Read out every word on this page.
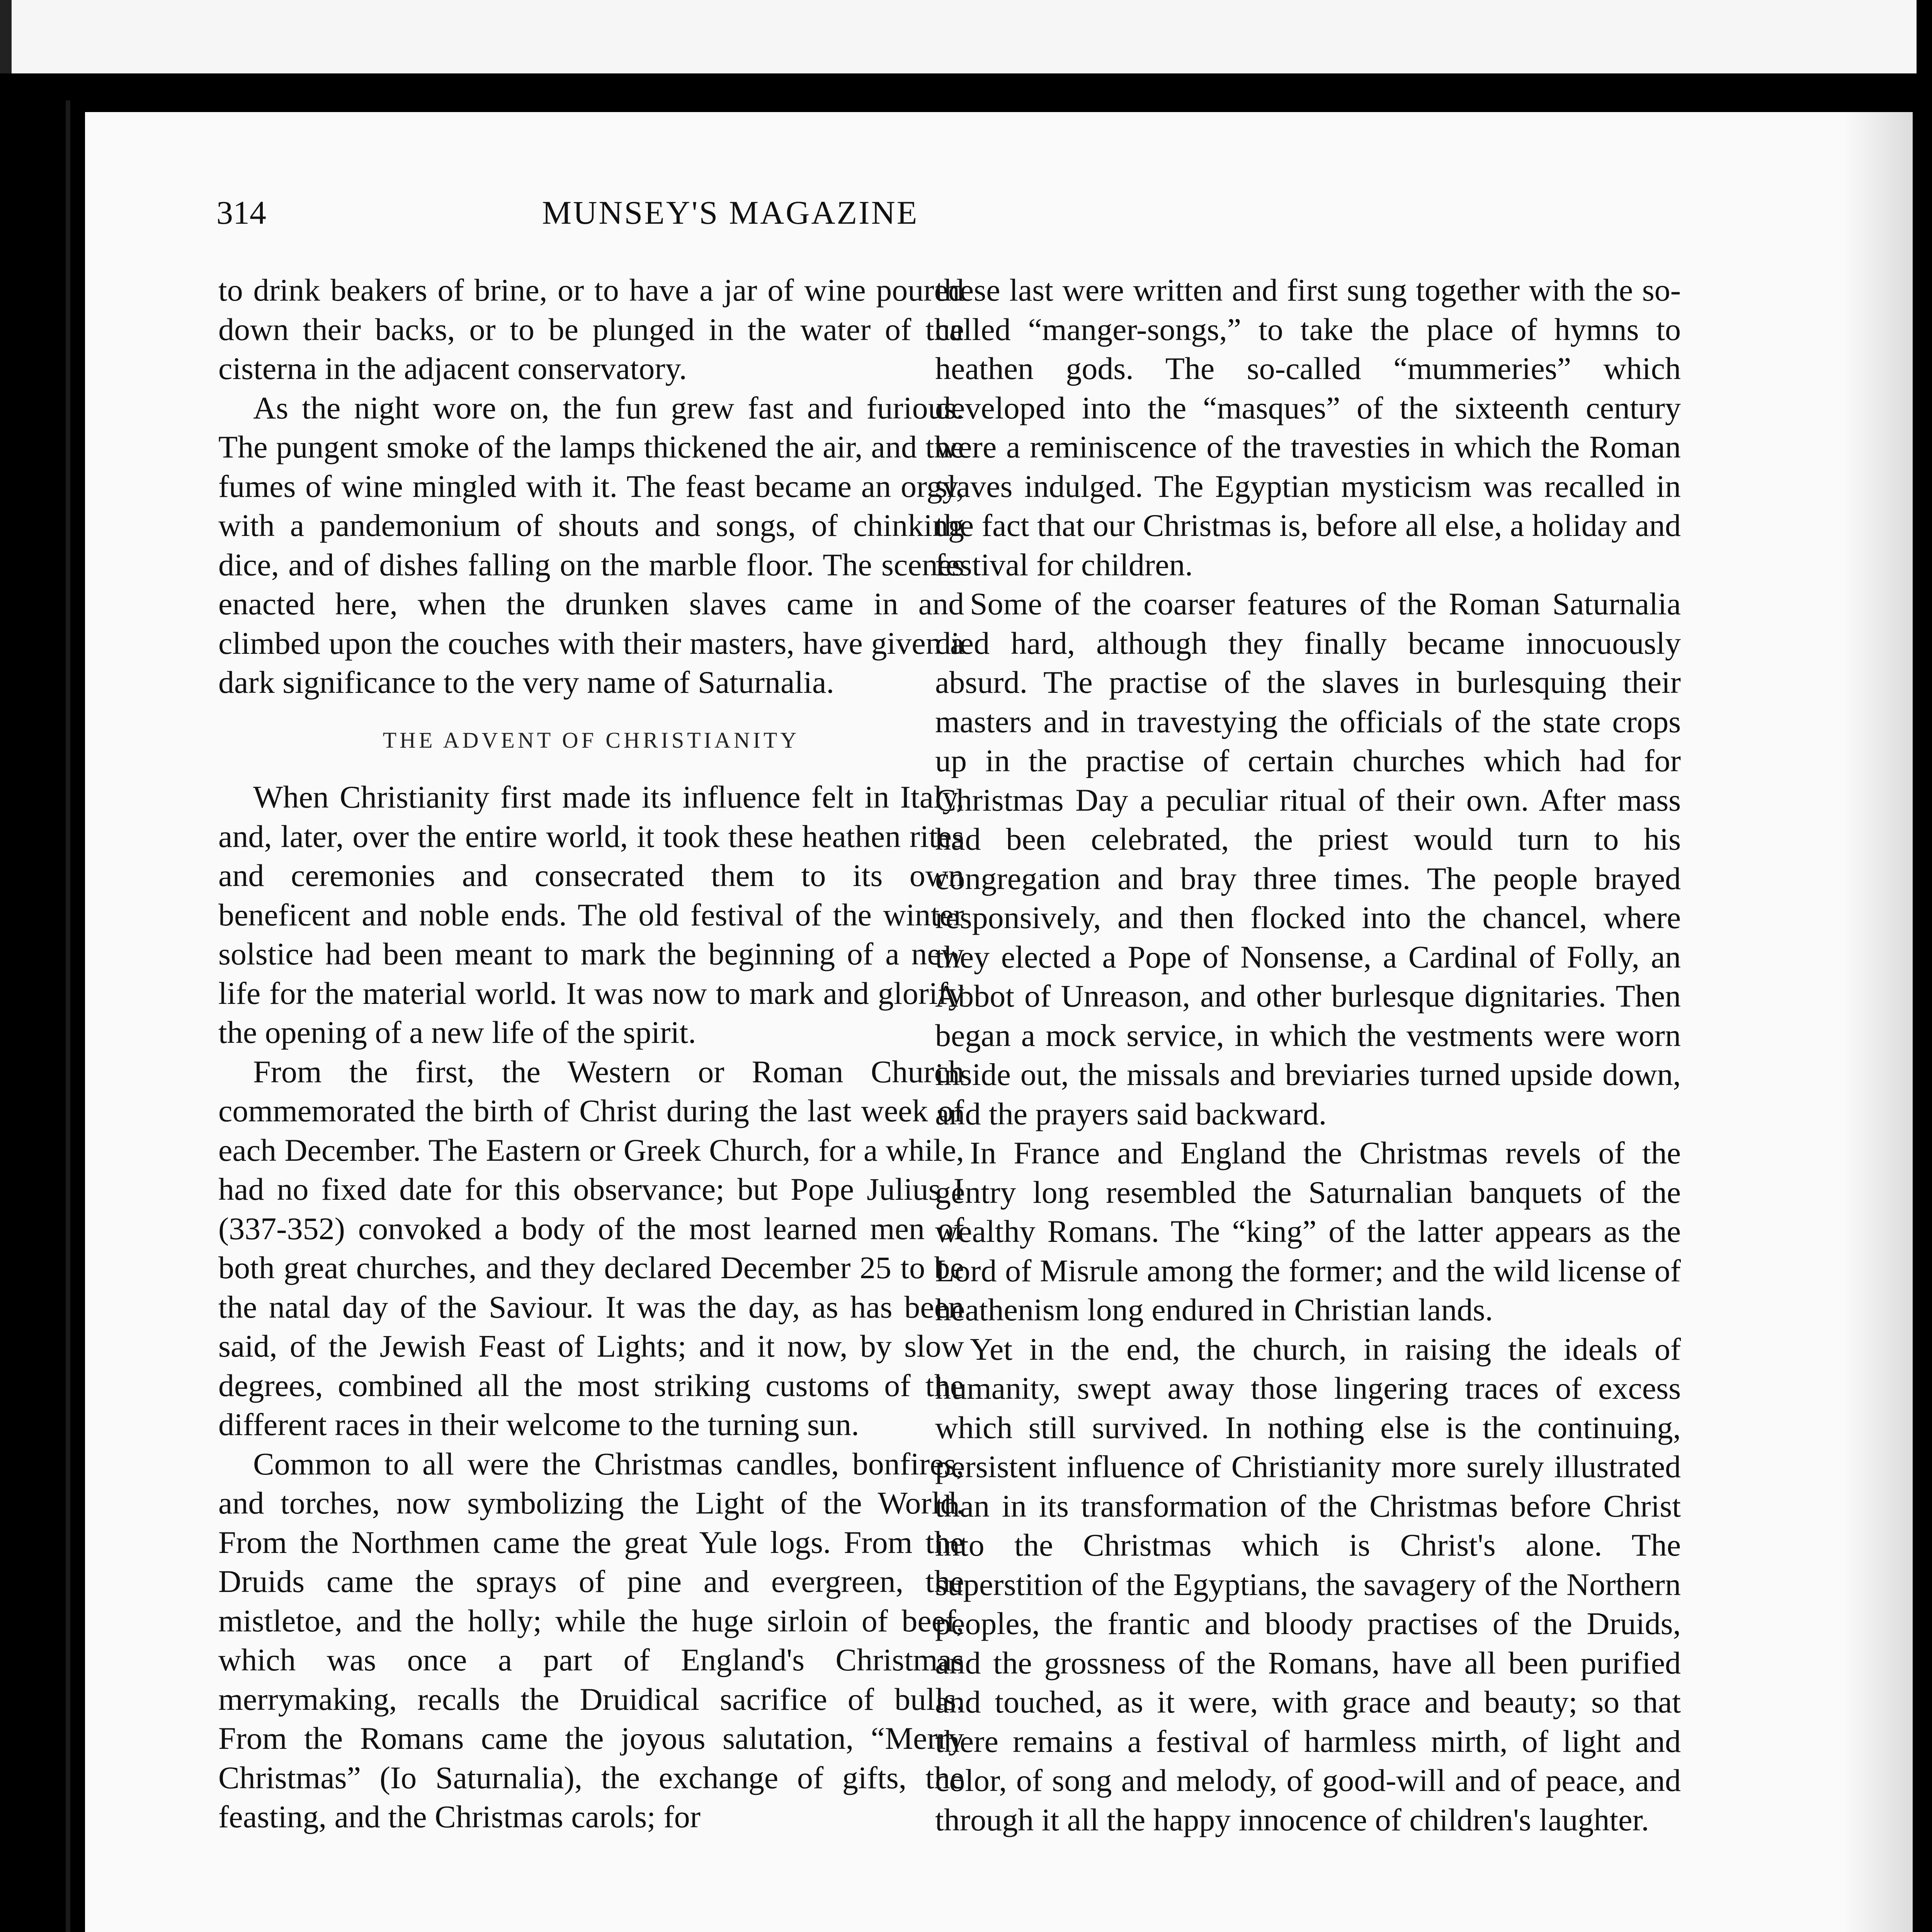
314	MUNSEY'S MAGAZINE

to drink beakers of brine, or to have a jar of wine poured down their backs, or to be plunged in the water of the cisterna in the adjacent conservatory.

As the night wore on, the fun grew fast and furious. The pungent smoke of the lamps thickened the air, and the fumes of wine mingled with it. The feast became an orgy, with a pandemonium of shouts and songs, of chinking dice, and of dishes falling on the marble floor. The scenes enacted here, when the drunken slaves came in and climbed upon the couches with their masters, have given a dark significance to the very name of Saturnalia.

THE ADVENT OF CHRISTIANITY

When Christianity first made its influence felt in Italy, and, later, over the entire world, it took these heathen rites and ceremonies and consecrated them to its own beneficent and noble ends. The old festival of the winter solstice had been meant to mark the beginning of a new life for the material world. It was now to mark and glorify the opening of a new life of the spirit.

From the first, the Western or Roman Church commemorated the birth of Christ during the last week of each December. The Eastern or Greek Church, for a while, had no fixed date for this observance; but Pope Julius I (337-352) convoked a body of the most learned men of both great churches, and they declared December 25 to be the natal day of the Saviour. It was the day, as has been said, of the Jewish Feast of Lights; and it now, by slow degrees, combined all the most striking customs of the different races in their welcome to the turning sun.

Common to all were the Christmas candles, bonfires, and torches, now symbolizing the Light of the World. From the Northmen came the great Yule logs. From the Druids came the sprays of pine and evergreen, the mistletoe, and the holly; while the huge sirloin of beef, which was once a part of England's Christmas merrymaking, recalls the Druidical sacrifice of bulls. From the Romans came the joyous salutation, “Merry Christmas” (Io Saturnalia), the exchange of gifts, the feasting, and the Christmas carols; for

these last were written and first sung together with the so-called “manger-songs,” to take the place of hymns to heathen gods. The so-called “mummeries” which developed into the “masques” of the sixteenth century were a reminiscence of the travesties in which the Roman slaves indulged. The Egyptian mysticism was recalled in the fact that our Christmas is, before all else, a holiday and festival for children.

Some of the coarser features of the Roman Saturnalia died hard, although they finally became innocuously absurd. The practise of the slaves in burlesquing their masters and in travestying the officials of the state crops up in the practise of certain churches which had for Christmas Day a peculiar ritual of their own. After mass had been celebrated, the priest would turn to his congregation and bray three times. The people brayed responsively, and then flocked into the chancel, where they elected a Pope of Nonsense, a Cardinal of Folly, an Abbot of Unreason, and other burlesque dignitaries. Then began a mock service, in which the vestments were worn inside out, the missals and breviaries turned upside down, and the prayers said backward.

In France and England the Christmas revels of the gentry long resembled the Saturnalian banquets of the wealthy Romans. The “king” of the latter appears as the Lord of Misrule among the former; and the wild license of heathenism long endured in Christian lands.

Yet in the end, the church, in raising the ideals of humanity, swept away those lingering traces of excess which still survived. In nothing else is the continuing, persistent influence of Christianity more surely illustrated than in its transformation of the Christmas before Christ into the Christmas which is Christ's alone. The superstition of the Egyptians, the savagery of the Northern peoples, the frantic and bloody practises of the Druids, and the grossness of the Romans, have all been purified and touched, as it were, with grace and beauty; so that there remains a festival of harmless mirth, of light and color, of song and melody, of good-will and of peace, and through it all the happy innocence of children's laughter.
